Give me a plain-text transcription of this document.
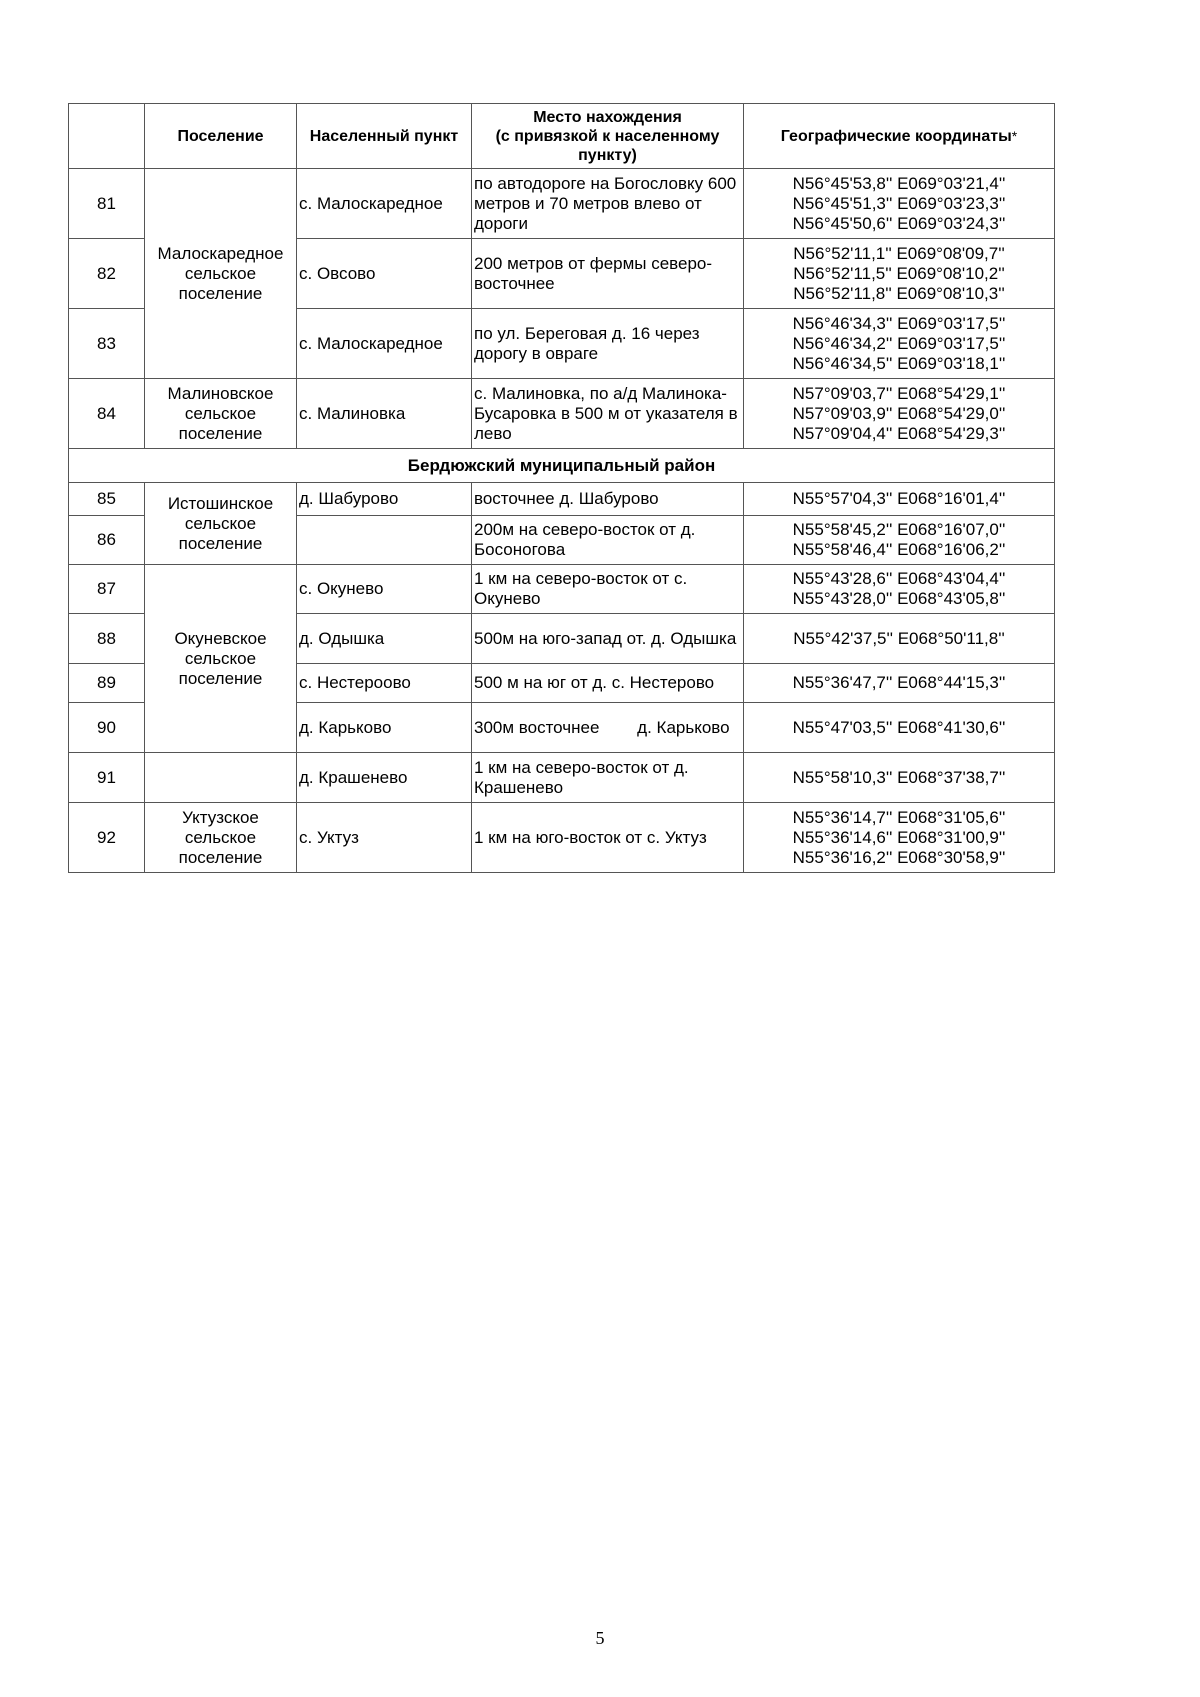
	Поселение	Населенный пункт	Место нахождения
(с привязкой к населенному
пункту)	Географические координаты*
81	Малоскаредное сельское поселение	с. Малоскаредное	по автодороге на Богословку 600 метров и 70 метров влево от дороги	N56°45'53,8'' E069°03'21,4''
N56°45'51,3'' E069°03'23,3''
N56°45'50,6'' E069°03'24,3''

82		с. Овсово	200 метров от фермы северо-восточнее	N56°52'11,1'' E069°08'09,7''
N56°52'11,5'' E069°08'10,2''
N56°52'11,8'' E069°08'10,3''

83		с. Малоскаредное	по ул. Береговая д. 16 через дорогу в овраге	N56°46'34,3'' E069°03'17,5''
N56°46'34,2'' E069°03'17,5''
N56°46'34,5'' E069°03'18,1''

84	Малиновское сельское поселение	с. Малиновка	с. Малиновка, по а/д Малинока-Бусаровка в 500 м от указателя в лево	N57°09'03,7'' E068°54'29,1''
N57°09'03,9'' E068°54'29,0''
N57°09'04,4'' E068°54'29,3''

Бердюжский муниципальный район				
85	Истошинское сельское поселение	д. Шабурово	восточнее д. Шабурово	N55°57'04,3'' E068°16'01,4''

86			200м на северо-восток от д. Босоногова	N55°58'45,2'' E068°16'07,0''
N55°58'46,4'' E068°16'06,2''

87	Окуневское сельское поселение	с. Окунево	1 км на северо-восток от с. Окунево	N55°43'28,6'' E068°43'04,4''
N55°43'28,0'' E068°43'05,8''

88		д. Одышка	500м на юго-запад от. д. Одышка	N55°42'37,5'' E068°50'11,8''

89		с. Нестероово	500 м на юг от д. с. Нестерово	N55°36'47,7'' E068°44'15,3''

90		д. Карьково	300м восточнее        д. Карьково	N55°47'03,5'' E068°41'30,6''

91		д. Крашенево	1 км на северо-восток от д. Крашенево	N55°58'10,3'' E068°37'38,7''

92	Уктузское сельское поселение	с. Уктуз	1 км на юго-восток от с. Уктуз	N55°36'14,7'' E068°31'05,6''
N55°36'14,6'' E068°31'00,9''
N55°36'16,2'' E068°30'58,9''
5
